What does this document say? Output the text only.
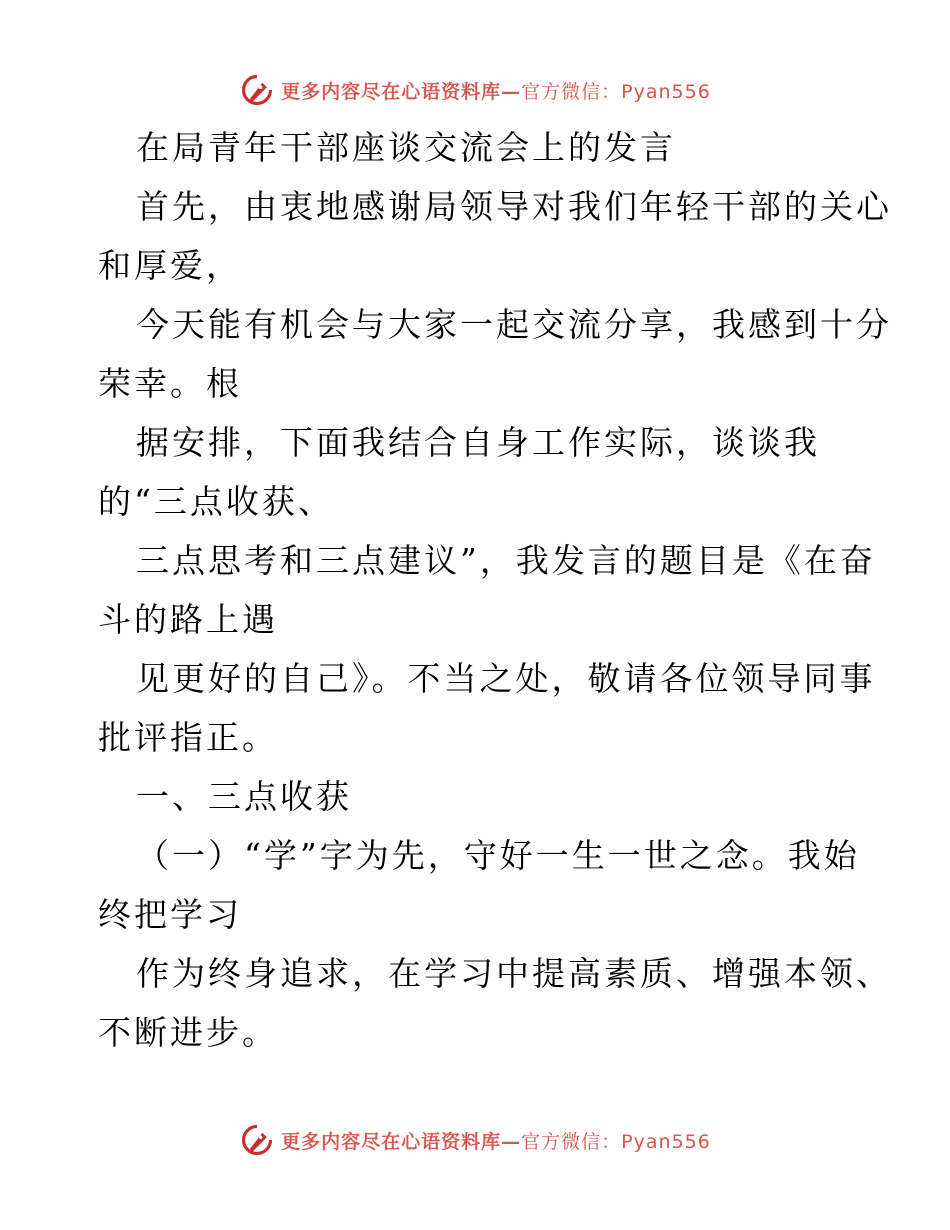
更多内容尽在心语资料库— 官方微信：Pyan556
在局青年干部座谈交流会上的发言
首先，由衷地感谢局领导对我们年轻干部的关心
和厚爱，
今天能有机会与大家一起交流分享，我感到十分
荣幸。根
据安排，下面我结合自身工作实际，谈谈我
的“三点收获、
三点思考和三点建议”，我发言的题目是《在奋
斗的路上遇
见更好的自己》。不当之处，敬请各位领导同事
批评指正。
一、三点收获
（一）“学”字为先，守好一生一世之念。我始
终把学习
作为终身追求，在学习中提高素质、增强本领、
不断进步。
更多内容尽在心语资料库— 官方微信：Pyan556
